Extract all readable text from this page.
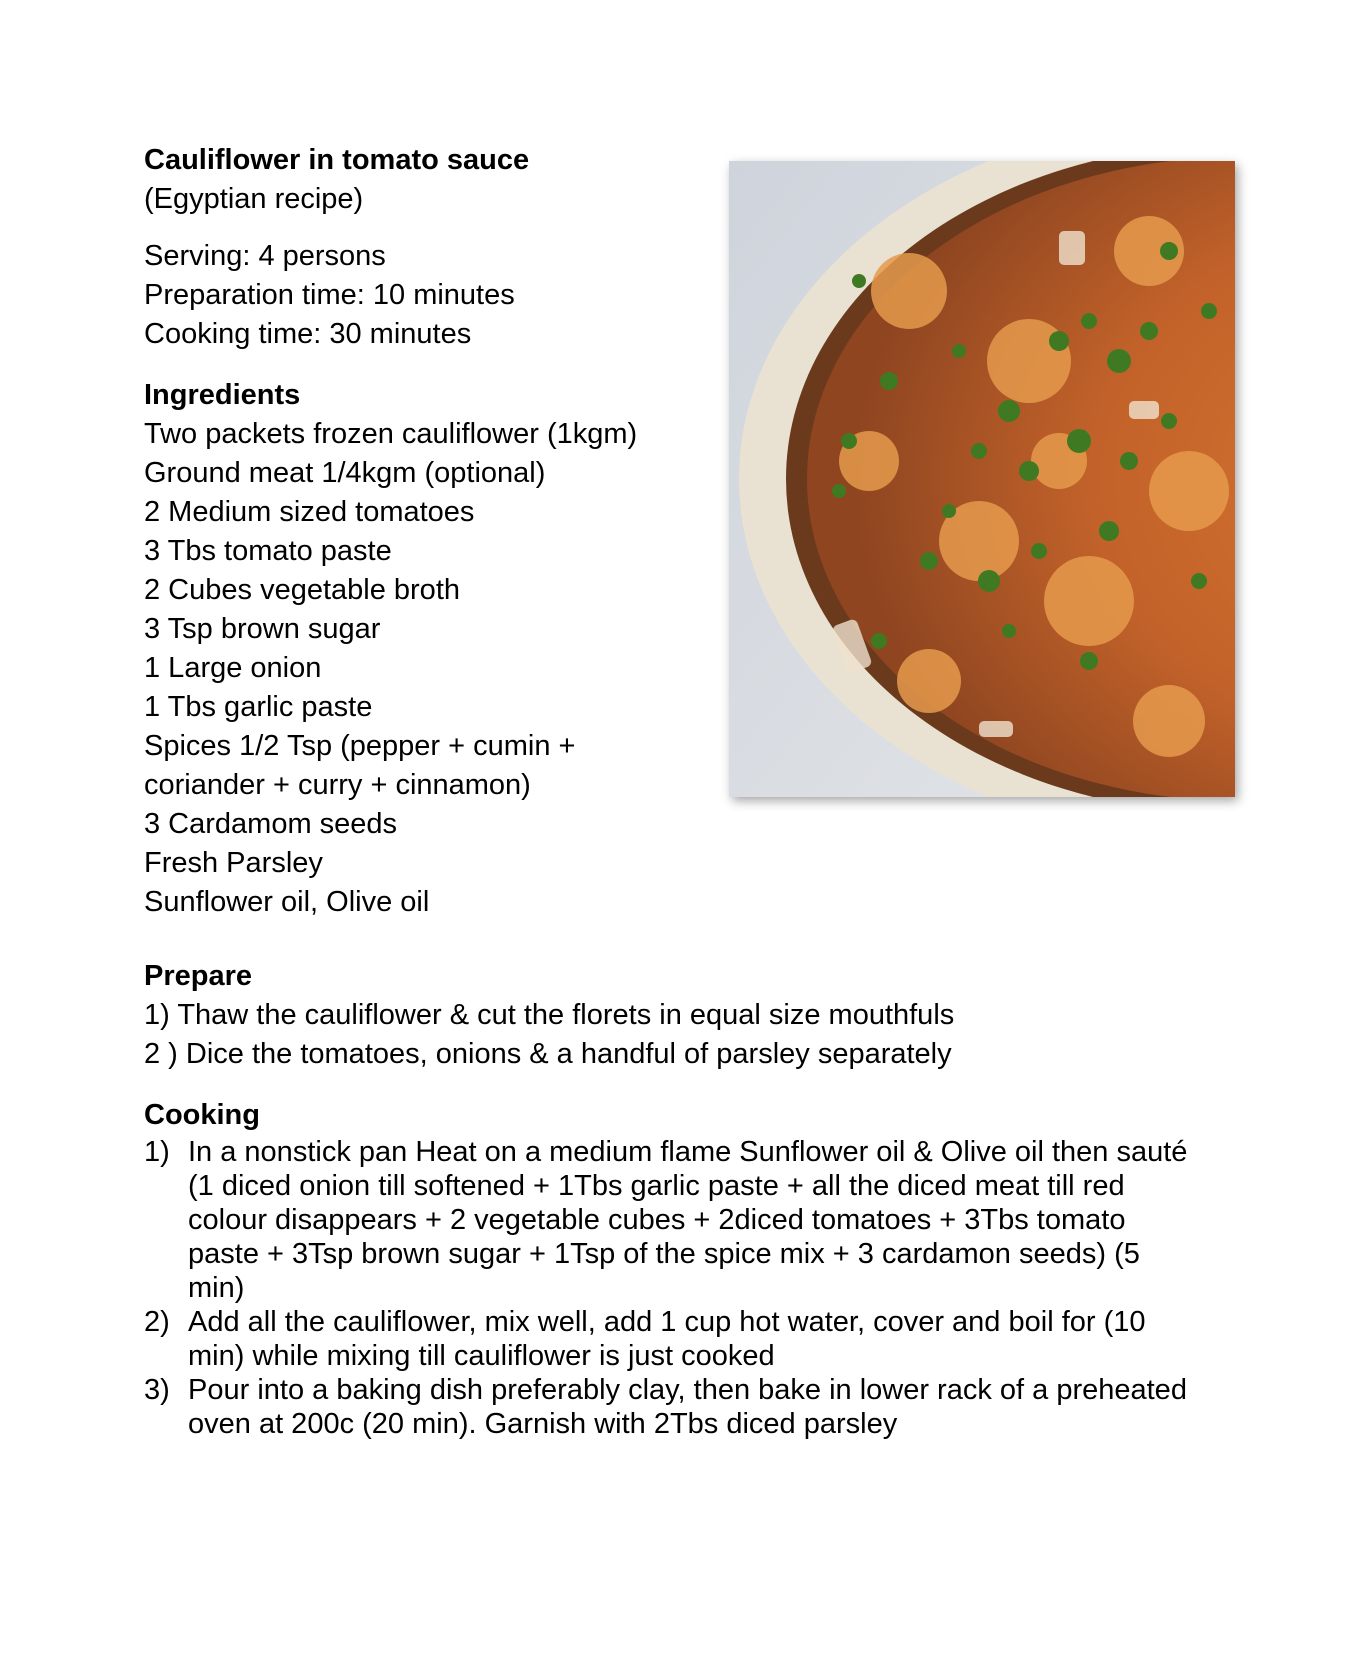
Cauliflower in tomato sauce

(Egyptian recipe)

Serving: 4 persons

Preparation time: 10 minutes

Cooking time: 30 minutes

Ingredients

Two packets frozen cauliflower (1kgm)

Ground meat 1/4kgm (optional)

2 Medium sized tomatoes

3 Tbs tomato paste

2 Cubes vegetable broth

3 Tsp brown sugar

1 Large onion

1 Tbs garlic paste

Spices 1/2 Tsp (pepper + cumin +

coriander + curry + cinnamon)

3 Cardamom seeds

Fresh Parsley

Sunflower oil, Olive oil

Prepare

1) Thaw the cauliflower & cut the florets in equal size mouthfuls
2 ) Dice the tomatoes, onions & a handful of parsley separately

Cooking

1) In a nonstick pan Heat on a medium flame Sunflower oil & Olive oil then sauté (1 diced onion till softened + 1Tbs garlic paste + all the diced meat till red colour disappears + 2 vegetable cubes + 2diced tomatoes + 3Tbs tomato paste + 3Tsp brown sugar + 1Tsp of the spice mix + 3 cardamon seeds) (5 min)
2) Add all the cauliflower, mix well, add 1 cup hot water, cover and boil for (10 min) while mixing till cauliflower is just cooked
3) Pour into a baking dish preferably clay, then bake in lower rack of a preheated oven at 200c (20 min). Garnish with 2Tbs diced parsley
